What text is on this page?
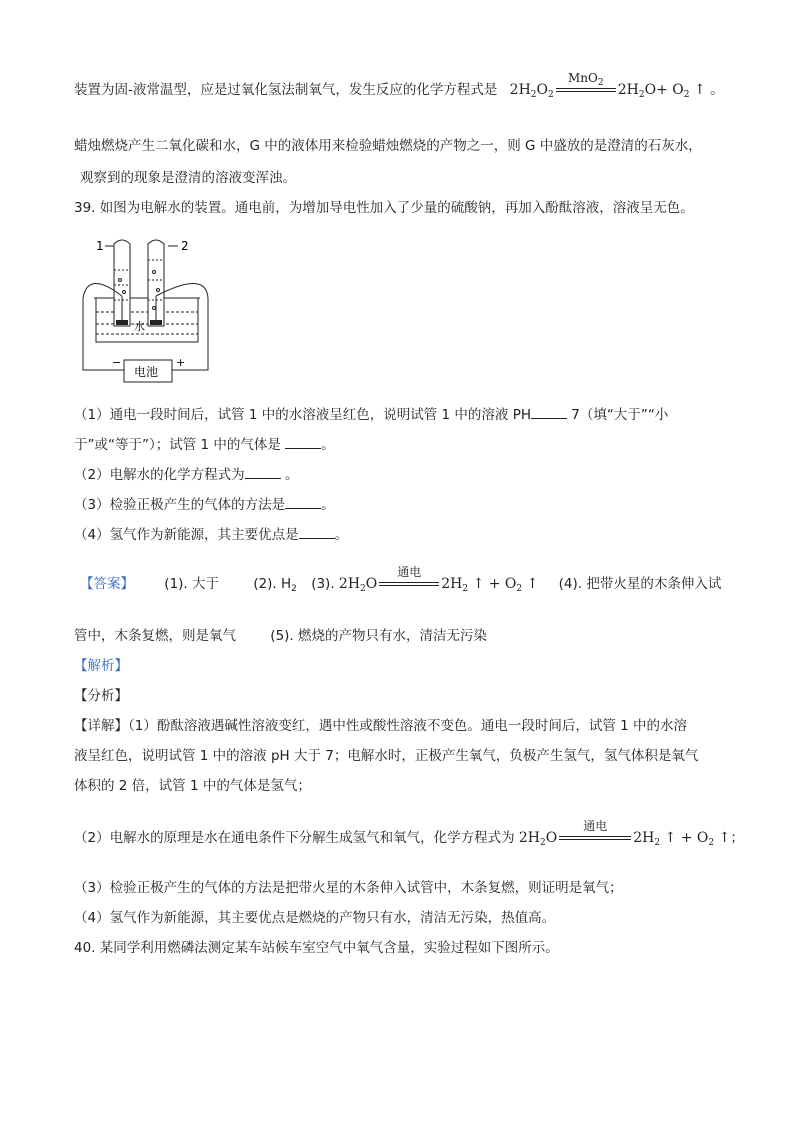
装置为固-液常温型，应是过氧化氢法制氧气，发生反应的化学方程式是 $2H_2O_2$
MnO$_2$	$2H_2O+ O_2$ ↑ 。
蜡烛燃烧产生二氧化碳和水，G 中的液体用来检验蜡烛燃烧的产物之一，则 G 中盛放的是澄清的石灰水，
观察到的现象是澄清的溶液变浑浊。
39. 如图为电解水的装置。通电前，为增加导电性加入了少量的硫酸钠，再加入酚酞溶液，溶液呈无色。
1	2
水
电池
−	+
（1）通电一段时间后，试管 1 中的水溶液呈红色，说明试管 1 中的溶液 PH	7（填“大于”“小
于”或“等于”）；试管 1 中的气体是	。
（2）电解水的化学方程式为	。
（3）检验正极产生的气体的方法是	。
（4）氢气作为新能源，其主要优点是	。
【答案】 (1). 大于	(2). $H_2$ (3). $2H_2O$
通电
$2H_2$ ↑ + $O_2$ ↑ (4). 把带火星的木条伸入试
管中，木条复燃，则是氧气	(5). 燃烧的产物只有水，清洁无污染
【解析】
【分析】
【详解】（1）酚酞溶液遇碱性溶液变红，遇中性或酸性溶液不变色。通电一段时间后，试管 1 中的水溶
液呈红色，说明试管 1 中的溶液 pH 大于 7；电解水时，正极产生氧气，负极产生氢气，氢气体积是氧气
体积的 2 倍，试管 1 中的气体是氢气；
（2）电解水的原理是水在通电条件下分解生成氢气和氧气，化学方程式为 $2H_2O$
通电
$2H_2$ ↑ + $O_2$ ↑；
（3）检验正极产生的气体的方法是把带火星的木条伸入试管中，木条复燃，则证明是氧气；
（4）氢气作为新能源，其主要优点是燃烧的产物只有水，清洁无污染，热值高。
40. 某同学利用燃磷法测定某车站候车室空气中氧气含量，实验过程如下图所示。
